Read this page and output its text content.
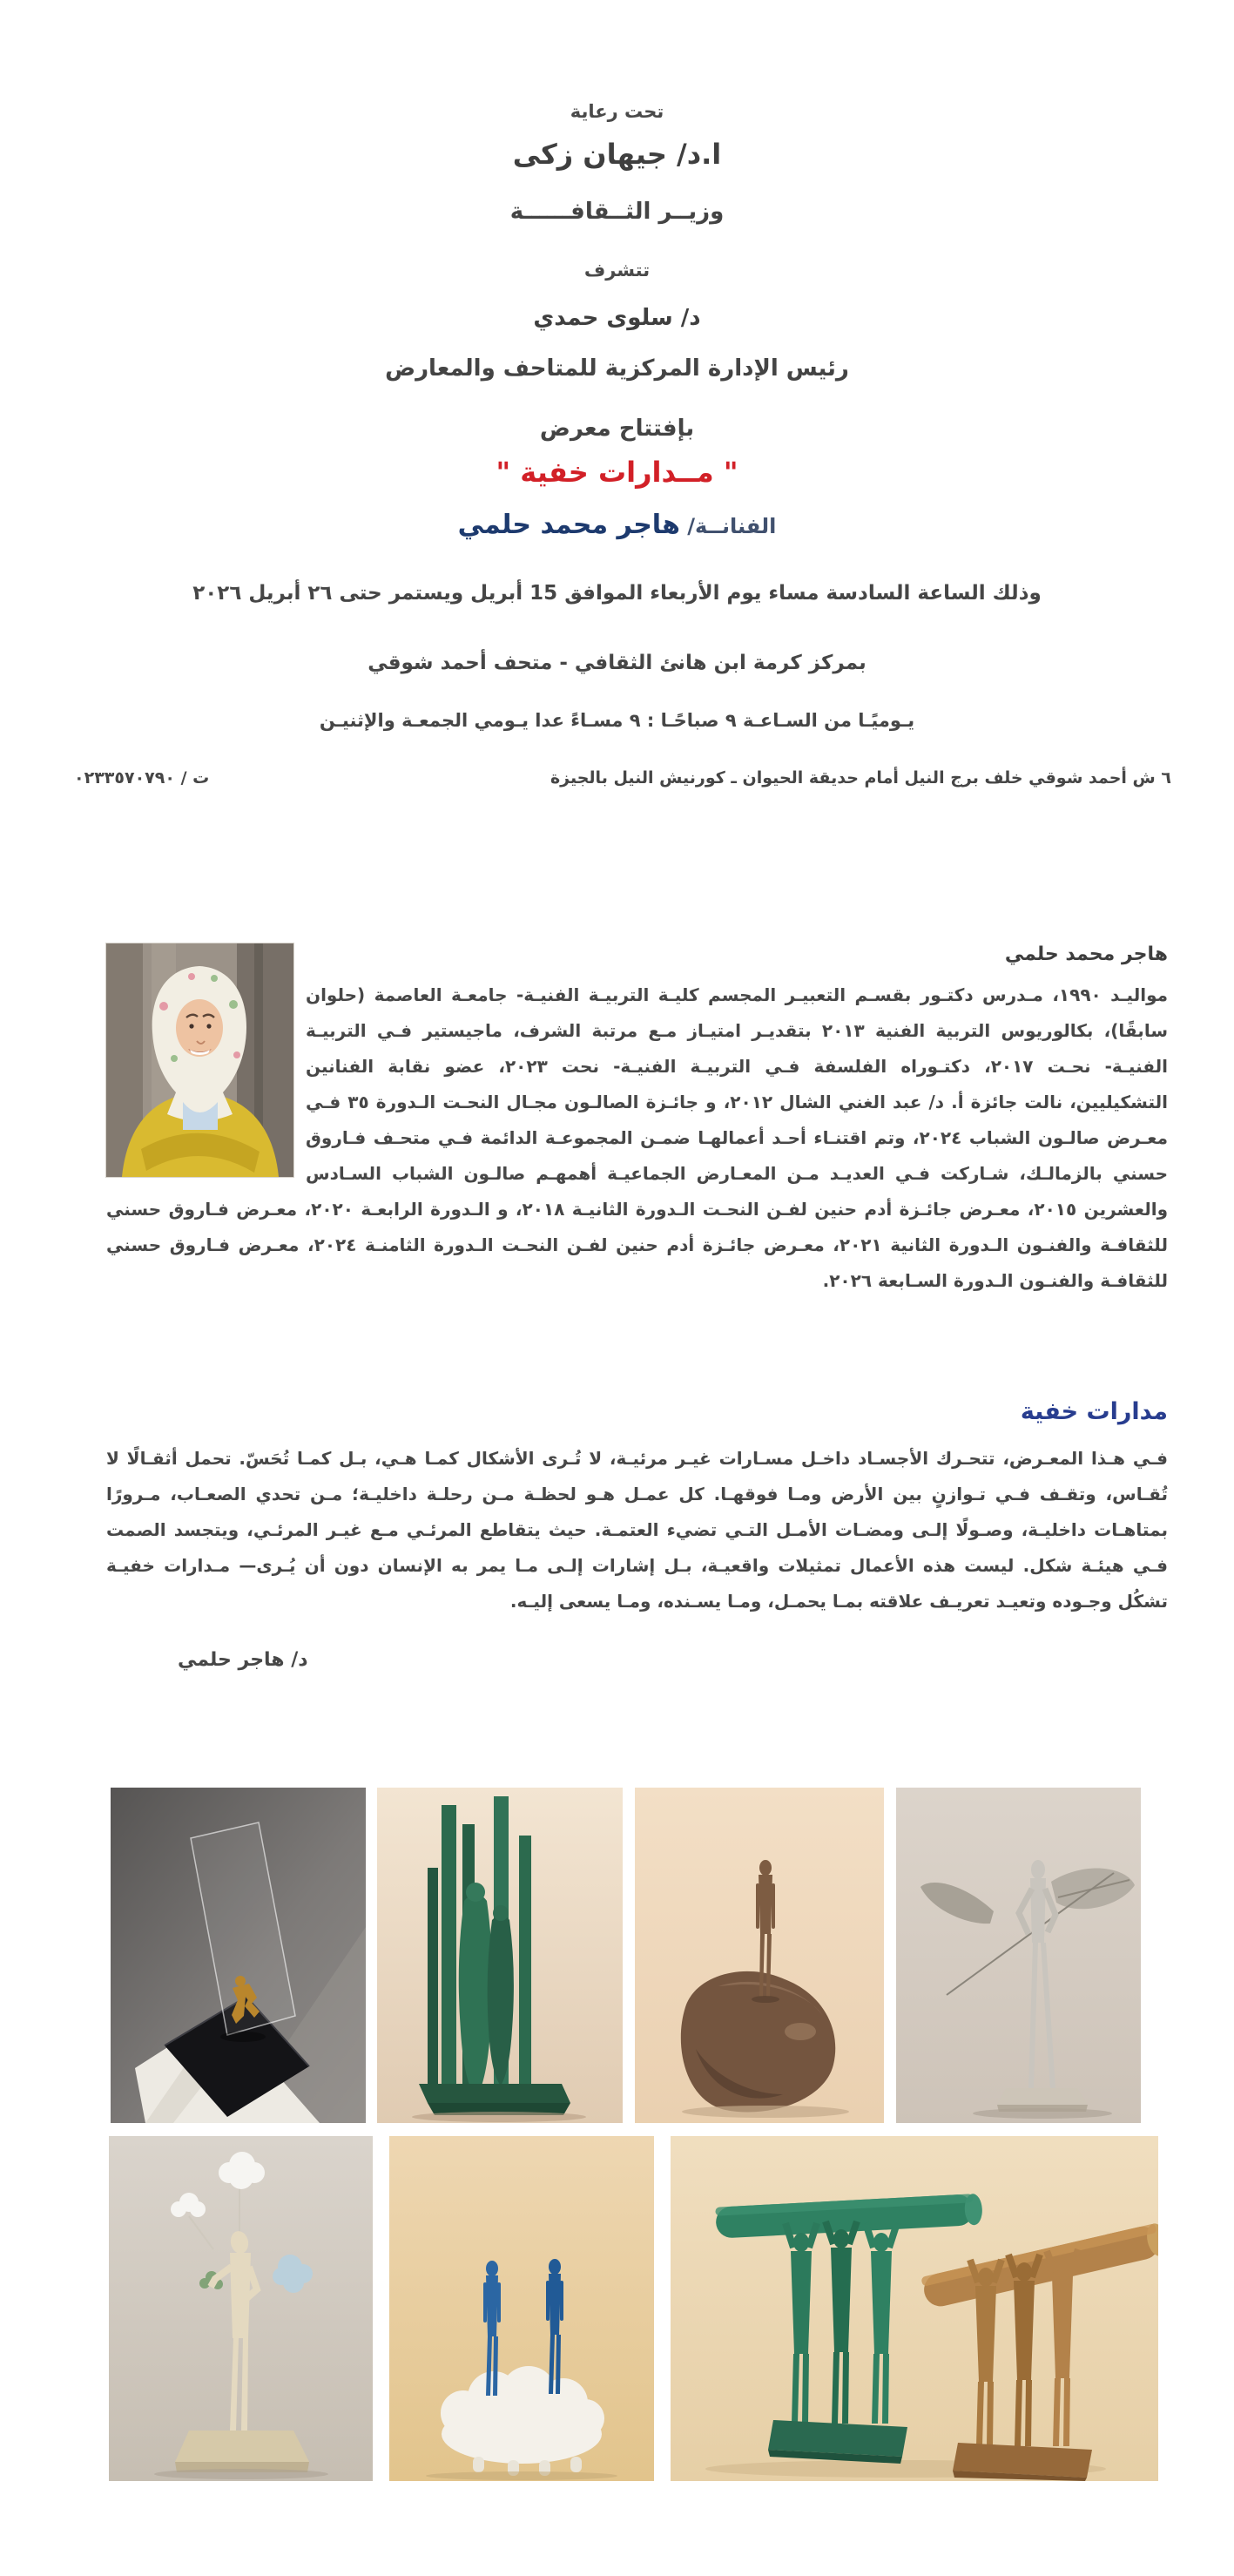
تحت رعاية
ا.د/ جيهان زكى
وزيــر الثــقافــــــة
تتشرف
د/ سلوى حمدي
رئيس الإدارة المركزية للمتاحف والمعارض
بإفتتاح معرض
" مــدارات خفية "
الفنانــة/ هاجر محمد حلمي
وذلك الساعة السادسة مساء يوم الأربعاء الموافق 15 أبريل ويستمر حتى ٢٦ أبريل ٢٠٢٦
بمركز كرمة ابن هانئ الثقافي - متحف أحمد شوقي
يـوميًـا من السـاعـة ٩ صباحًـا : ٩ مسـاءً عدا يـومي الجمعـة والإثنيـن
٦ ش أحمد شوقي خلف برج النيل أمام حديقة الحيوان ـ كورنيش النيل بالجيزة
ت / ٠٢٣٣٥٧٠٧٩٠
هاجر محمد حلمي

مواليـد ١٩٩٠، مـدرس دكتـور بقسـم التعبيـر المجسم كليـة التربيـة الفنيـة- جامعـة العاصمة (حلوان سابقًا)، بكالوريوس التربية الفنية ٢٠١٣ بتقديـر امتيـاز مـع مرتبة الشرف، ماجيستير فـي التربيـة الفنيـة- نحـت ٢٠١٧، دكتـوراه الفلسفة فـي التربيـة الفنيـة- نحت ٢٠٢٣، عضو نقابة الفنانين التشكيليين، نالت جائزة أ. د/ عبد الغني الشال ٢٠١٢، و جائـزة الصالـون مجـال النحـت الـدورة ٣٥ فـي معـرض صالـون الشباب ٢٠٢٤، وتم اقتنـاء أحـد أعمالهـا ضمـن المجموعـة الدائمة فـي متحـف فـاروق حسني بالزمالـك، شـاركت فـي العديـد مـن المعـارض الجماعيـة أهمهـم صالـون الشباب السـادس والعشرين ٢٠١٥، معـرض جائـزة أدم حنين لفـن النحـت الـدورة الثانيـة ٢٠١٨، و الـدورة الرابعـة ٢٠٢٠، معـرض فـاروق حسني للثقافـة والفنـون الـدورة الثانية ٢٠٢١، معـرض جائـزة أدم حنين لفـن النحـت الـدورة الثامنـة ٢٠٢٤، معـرض فـاروق حسني للثقافـة والفنـون الـدورة السـابعة ٢٠٢٦.

مدارات خفية

فـي هـذا المعـرض، تتحـرك الأجسـاد داخـل مسـارات غيـر مرئيـة، لا تُـرى الأشكال كمـا هـي، بـل كمـا تُحَسّ. تحمل أثقـالًا لا تُقـاس، وتقـف فـي تـوازنٍ بين الأرض ومـا فوقهـا. كل عمـل هـو لحظـة مـن رحلـة داخليـة؛ مـن تحدي الصعـاب، مـرورًا بمتاهـات داخليـة، وصـولًا إلـى ومضـات الأمـل التـي تضيء العتمـة. حيث يتقاطع المرئـي مـع غيـر المرئـي، ويتجسد الصمت فـي هيئـة شكل. ليست هذه الأعمال تمثيلات واقعيـة، بـل إشارات إلـى مـا يمر به الإنسان دون أن يُـرى— مـدارات خفيـة تشكُل وجـوده وتعيـد تعريـف علاقته بمـا يحمـل، ومـا يسـنده، ومـا يسعى إليـه.

د/ هاجر حلمي
